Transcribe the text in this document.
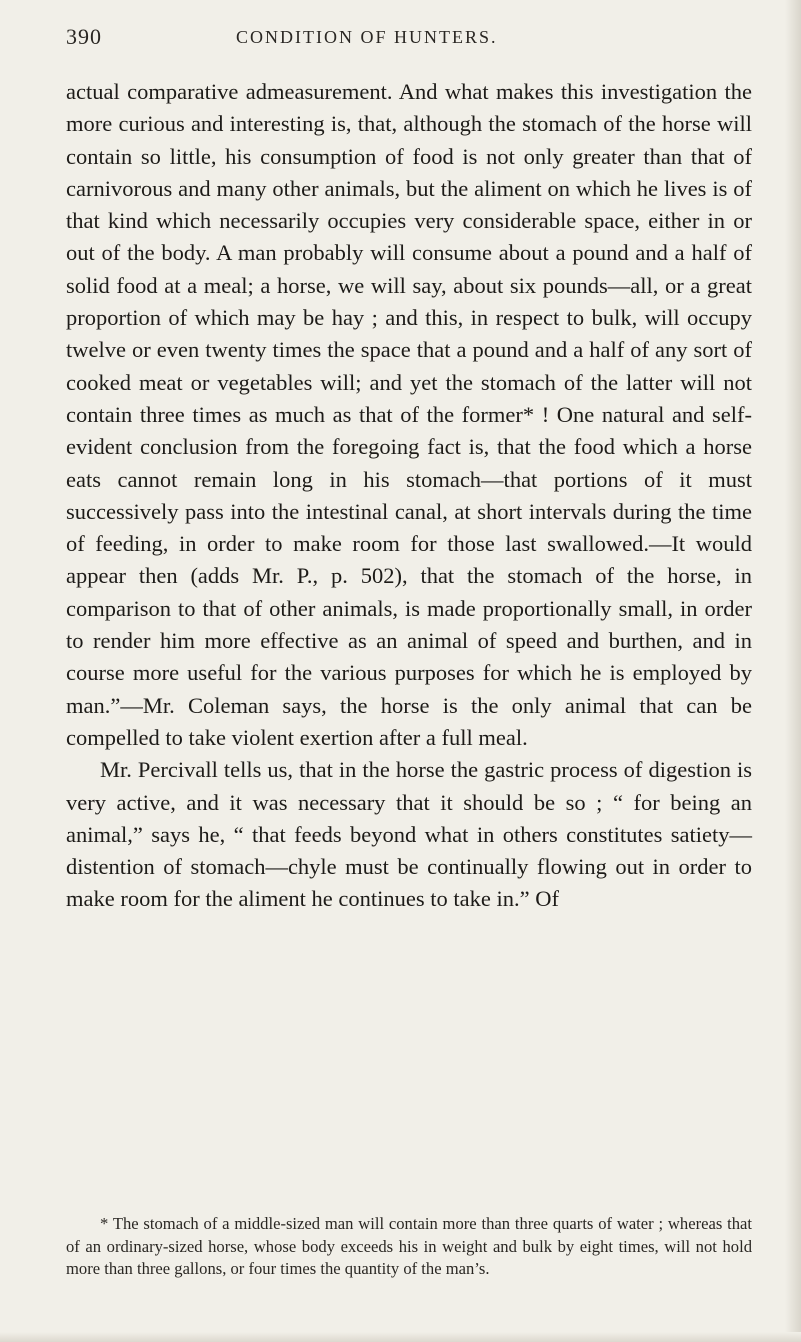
390	CONDITION OF HUNTERS.

actual comparative admeasurement. And what makes this investigation the more curious and interesting is, that, although the stomach of the horse will contain so little, his consumption of food is not only greater than that of carnivorous and many other animals, but the aliment on which he lives is of that kind which necessarily occupies very considerable space, either in or out of the body. A man probably will consume about a pound and a half of solid food at a meal; a horse, we will say, about six pounds—all, or a great proportion of which may be hay ; and this, in respect to bulk, will occupy twelve or even twenty times the space that a pound and a half of any sort of cooked meat or vegetables will; and yet the stomach of the latter will not contain three times as much as that of the former* ! One natural and self-evident conclusion from the foregoing fact is, that the food which a horse eats cannot remain long in his stomach—that portions of it must successively pass into the intestinal canal, at short intervals during the time of feeding, in order to make room for those last swallowed.—It would appear then (adds Mr. P., p. 502), that the stomach of the horse, in comparison to that of other animals, is made proportionally small, in order to render him more effective as an animal of speed and burthen, and in course more useful for the various purposes for which he is employed by man.”—Mr. Coleman says, the horse is the only animal that can be compelled to take violent exertion after a full meal.

Mr. Percivall tells us, that in the horse the gastric process of digestion is very active, and it was necessary that it should be so ; “ for being an animal,” says he, “ that feeds beyond what in others constitutes satiety—distention of stomach—chyle must be continually flowing out in order to make room for the aliment he continues to take in.” Of

* The stomach of a middle-sized man will contain more than three quarts of water ; whereas that of an ordinary-sized horse, whose body exceeds his in weight and bulk by eight times, will not hold more than three gallons, or four times the quantity of the man’s.
